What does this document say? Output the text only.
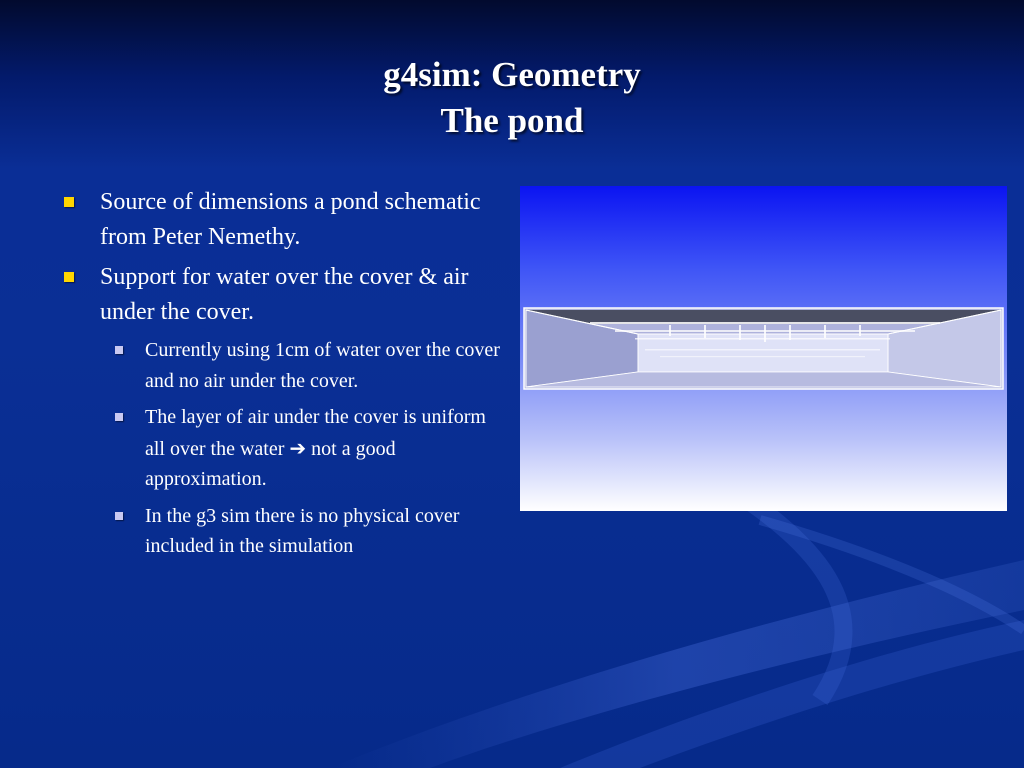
g4sim: Geometry
The pond
Source of dimensions a pond schematic from Peter Nemethy.
Support for water over the cover & air under the cover.
Currently using 1cm of water over the cover and no air under the cover.
The layer of air under the cover is uniform all over the water ➔ not a good approximation.
In the g3 sim there is no physical cover included in the simulation
